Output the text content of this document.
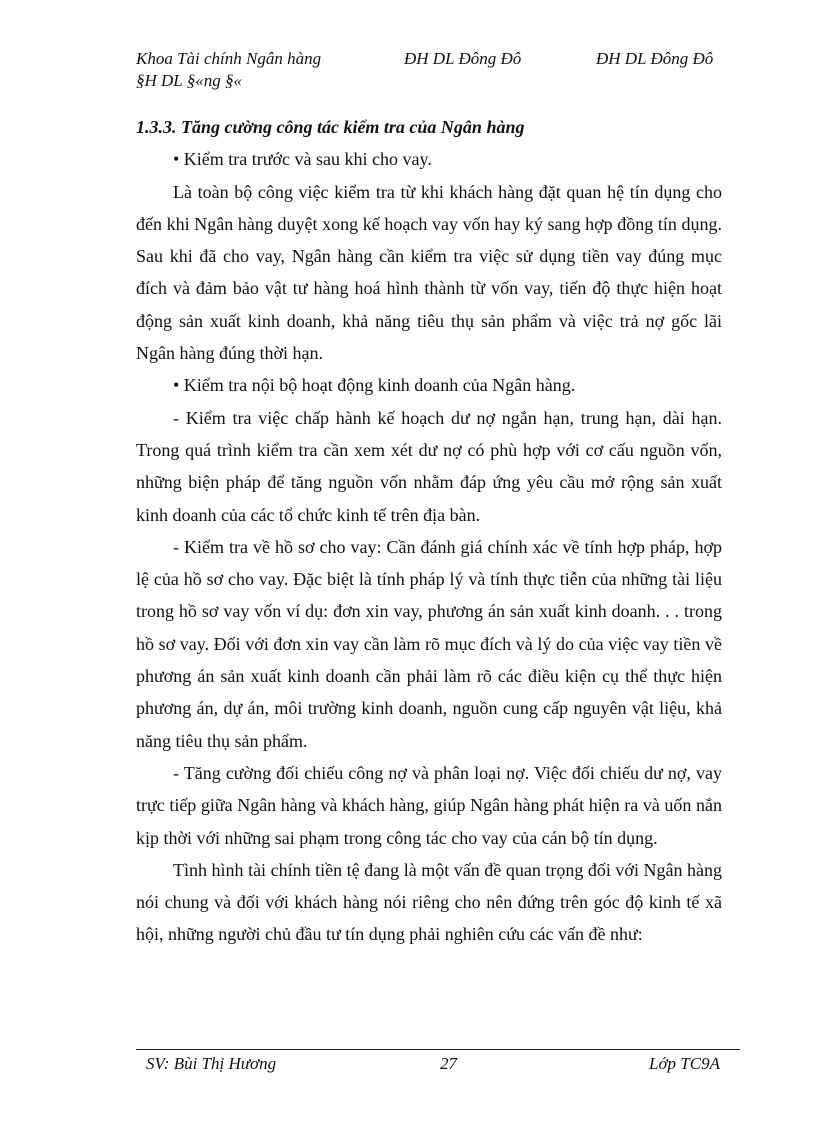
Khoa Tài chính Ngân hàng	ĐH DL Đông Đô	ĐH DL Đông Đô
§H DL §«ng §«

1.3.3. Tăng cường công tác kiểm tra của Ngân hàng

• Kiểm tra trước và sau khi cho vay.

Là toàn bộ công việc kiểm tra từ khi khách hàng đặt quan hệ tín dụng cho đến khi Ngân hàng duyệt xong kế hoạch vay vốn hay ký sang hợp đồng tín dụng. Sau khi đã cho vay, Ngân hàng cần kiểm tra việc sử dụng tiền vay đúng mục đích và đảm bảo vật tư hàng hoá hình thành từ vốn vay, tiến độ thực hiện hoạt động sản xuất kinh doanh, khả năng tiêu thụ sản phẩm và việc trả nợ gốc lãi Ngân hàng đúng thời hạn.

• Kiểm tra nội bộ hoạt động kinh doanh của Ngân hàng.

- Kiểm tra việc chấp hành kế hoạch dư nợ ngắn hạn, trung hạn, dài hạn. Trong quá trình kiểm tra cần xem xét dư nợ có phù hợp với cơ cấu nguồn vốn, những biện pháp để tăng nguồn vốn nhằm đáp ứng yêu cầu mở rộng sản xuất kinh doanh của các tổ chức kinh tế trên địa bàn.

- Kiểm tra về hồ sơ cho vay: Cần đánh giá chính xác về tính hợp pháp, hợp lệ của hồ sơ cho vay. Đặc biệt là tính pháp lý và tính thực tiễn của những tài liệu trong hồ sơ vay vốn ví dụ: đơn xin vay, phương án sản xuất kinh doanh. . . trong hồ sơ vay. Đối với đơn xin vay cần làm rõ mục đích và lý do của việc vay tiền về phương án sản xuất kinh doanh cần phải làm rõ các điều kiện cụ thể thực hiện phương án, dự án, môi trường kinh doanh, nguồn cung cấp nguyên vật liệu, khả năng tiêu thụ sản phẩm.

- Tăng cường đối chiếu công nợ và phân loại nợ. Việc đối chiếu dư nợ, vay trực tiếp giữa Ngân hàng và khách hàng, giúp Ngân hàng phát hiện ra và uốn nắn kịp thời với những sai phạm trong công tác cho vay của cán bộ tín dụng.

Tình hình tài chính tiền tệ đang là một vấn đề quan trọng đối với Ngân hàng nói chung và đối với khách hàng nói riêng cho nên đứng trên góc độ kinh tế xã hội, những người chủ đầu tư tín dụng phải nghiên cứu các vấn đề như:

SV: Bùi Thị Hương	27	Lớp TC9A
